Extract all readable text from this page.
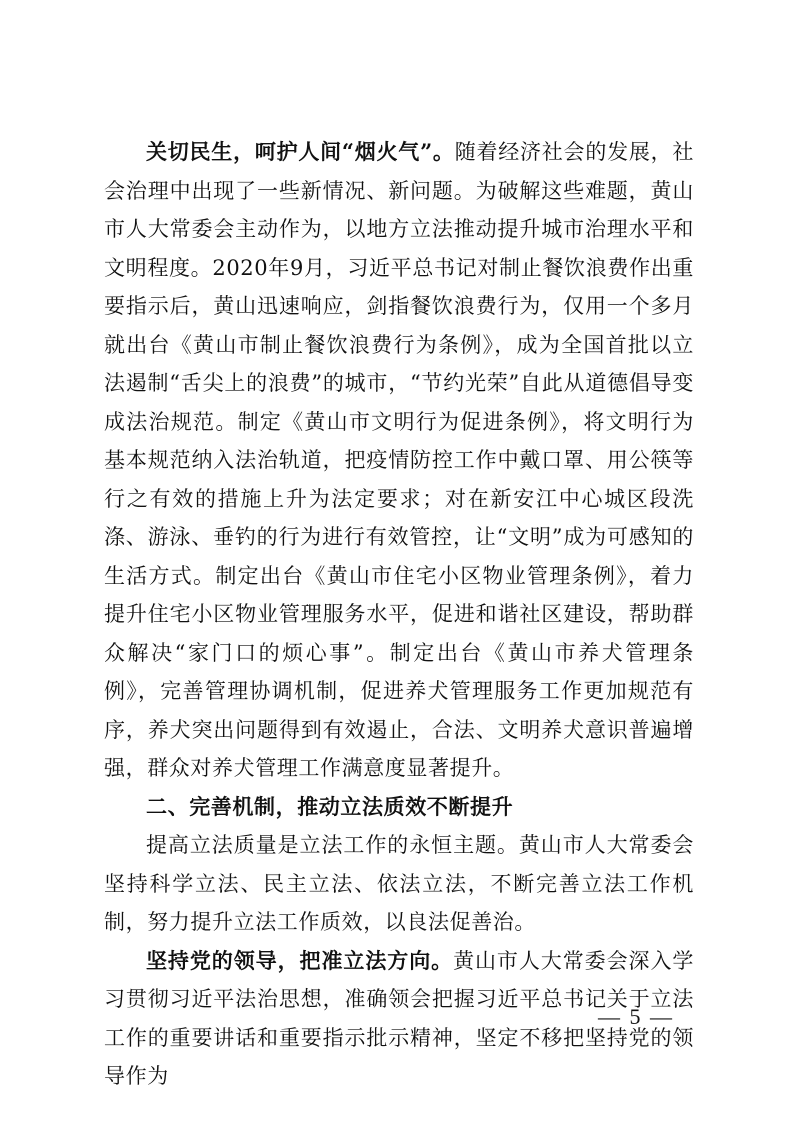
关切民生，呵护人间“烟火气”。随着经济社会的发展，社会治理中出现了一些新情况、新问题。为破解这些难题，黄山市人大常委会主动作为，以地方立法推动提升城市治理水平和文明程度。2020年9月，习近平总书记对制止餐饮浪费作出重要指示后，黄山迅速响应，剑指餐饮浪费行为，仅用一个多月就出台《黄山市制止餐饮浪费行为条例》，成为全国首批以立法遏制“舌尖上的浪费”的城市，“节约光荣”自此从道德倡导变成法治规范。制定《黄山市文明行为促进条例》，将文明行为基本规范纳入法治轨道，把疫情防控工作中戴口罩、用公筷等行之有效的措施上升为法定要求；对在新安江中心城区段洗涤、游泳、垂钓的行为进行有效管控，让“文明”成为可感知的生活方式。制定出台《黄山市住宅小区物业管理条例》，着力提升住宅小区物业管理服务水平，促进和谐社区建设，帮助群众解决“家门口的烦心事”。制定出台《黄山市养犬管理条例》，完善管理协调机制，促进养犬管理服务工作更加规范有序，养犬突出问题得到有效遏止，合法、文明养犬意识普遍增强，群众对养犬管理工作满意度显著提升。

二、完善机制，推动立法质效不断提升

提高立法质量是立法工作的永恒主题。黄山市人大常委会坚持科学立法、民主立法、依法立法，不断完善立法工作机制，努力提升立法工作质效，以良法促善治。

坚持党的领导，把准立法方向。黄山市人大常委会深入学习贯彻习近平法治思想，准确领会把握习近平总书记关于立法工作的重要讲话和重要指示批示精神，坚定不移把坚持党的领导作为

— 5 —
